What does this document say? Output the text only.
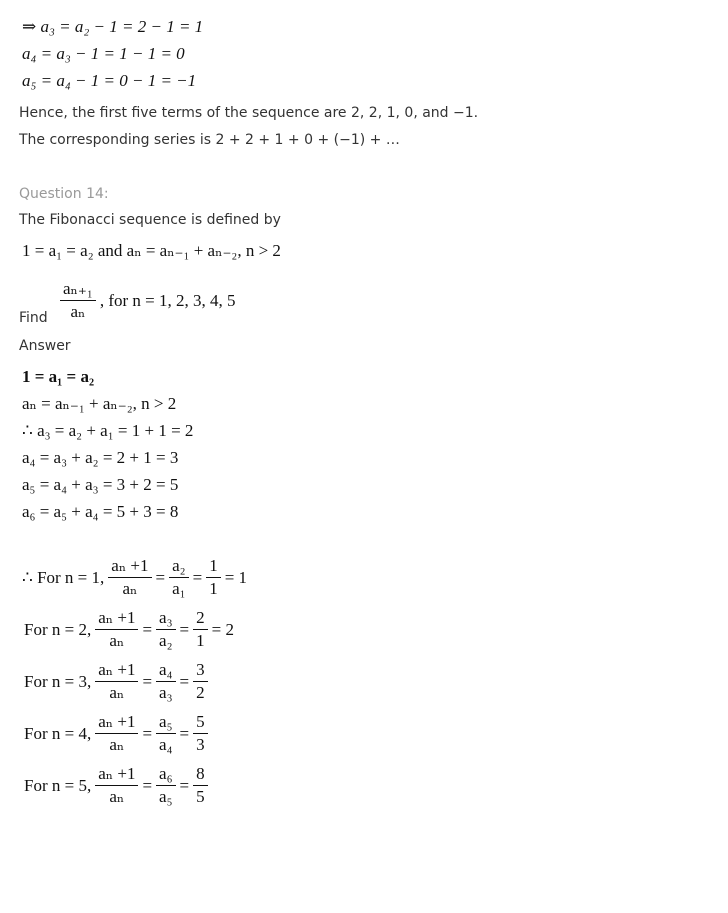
⇒ a₃ = a₂ − 1 = 2 − 1 = 1
a₄ = a₃ − 1 = 1 − 1 = 0
a₅ = a₄ − 1 = 0 − 1 = −1
Hence, the first five terms of the sequence are 2, 2, 1, 0, and −1.
The corresponding series is 2 + 2 + 1 + 0 + (−1) + …
Question 14:
The Fibonacci sequence is defined by
1 = a₁ = a₂ and aₙ = aₙ₋₁ + aₙ₋₂, n > 2
Find $\frac{\text{aₙ₊₁}}{\text{aₙ}}$ , for n = 1, 2, 3, 4, 5
Answer
1 = a₁ = a₂
aₙ = aₙ₋₁ + aₙ₋₂, n > 2
∴ a₃ = a₂ + a₁ = 1 + 1 = 2
a₄ = a₃ + a₂ = 2 + 1 = 3
a₅ = a₄ + a₃ = 3 + 2 = 5
a₆ = a₅ + a₄ = 5 + 3 = 8
∴ For n = 1, $\frac{\text{aₙ +1}}{\text{aₙ}} = \frac{\text{a₂}}{\text{a₁}} = \frac{1}{1} = 1$
For n = 2, $\frac{\text{aₙ +1}}{\text{aₙ}} = \frac{\text{a₃}}{\text{a₂}} = \frac{2}{1} = 2$
For n = 3, $\frac{\text{aₙ +1}}{\text{aₙ}} = \frac{\text{a₄}}{\text{a₃}} = \frac{3}{2}$
For n = 4, $\frac{\text{aₙ +1}}{\text{aₙ}} = \frac{\text{a₅}}{\text{a₄}} = \frac{5}{3}$
For n = 5, $\frac{\text{aₙ +1}}{\text{aₙ}} = \frac{\text{a₆}}{\text{a₅}} = \frac{8}{5}$
